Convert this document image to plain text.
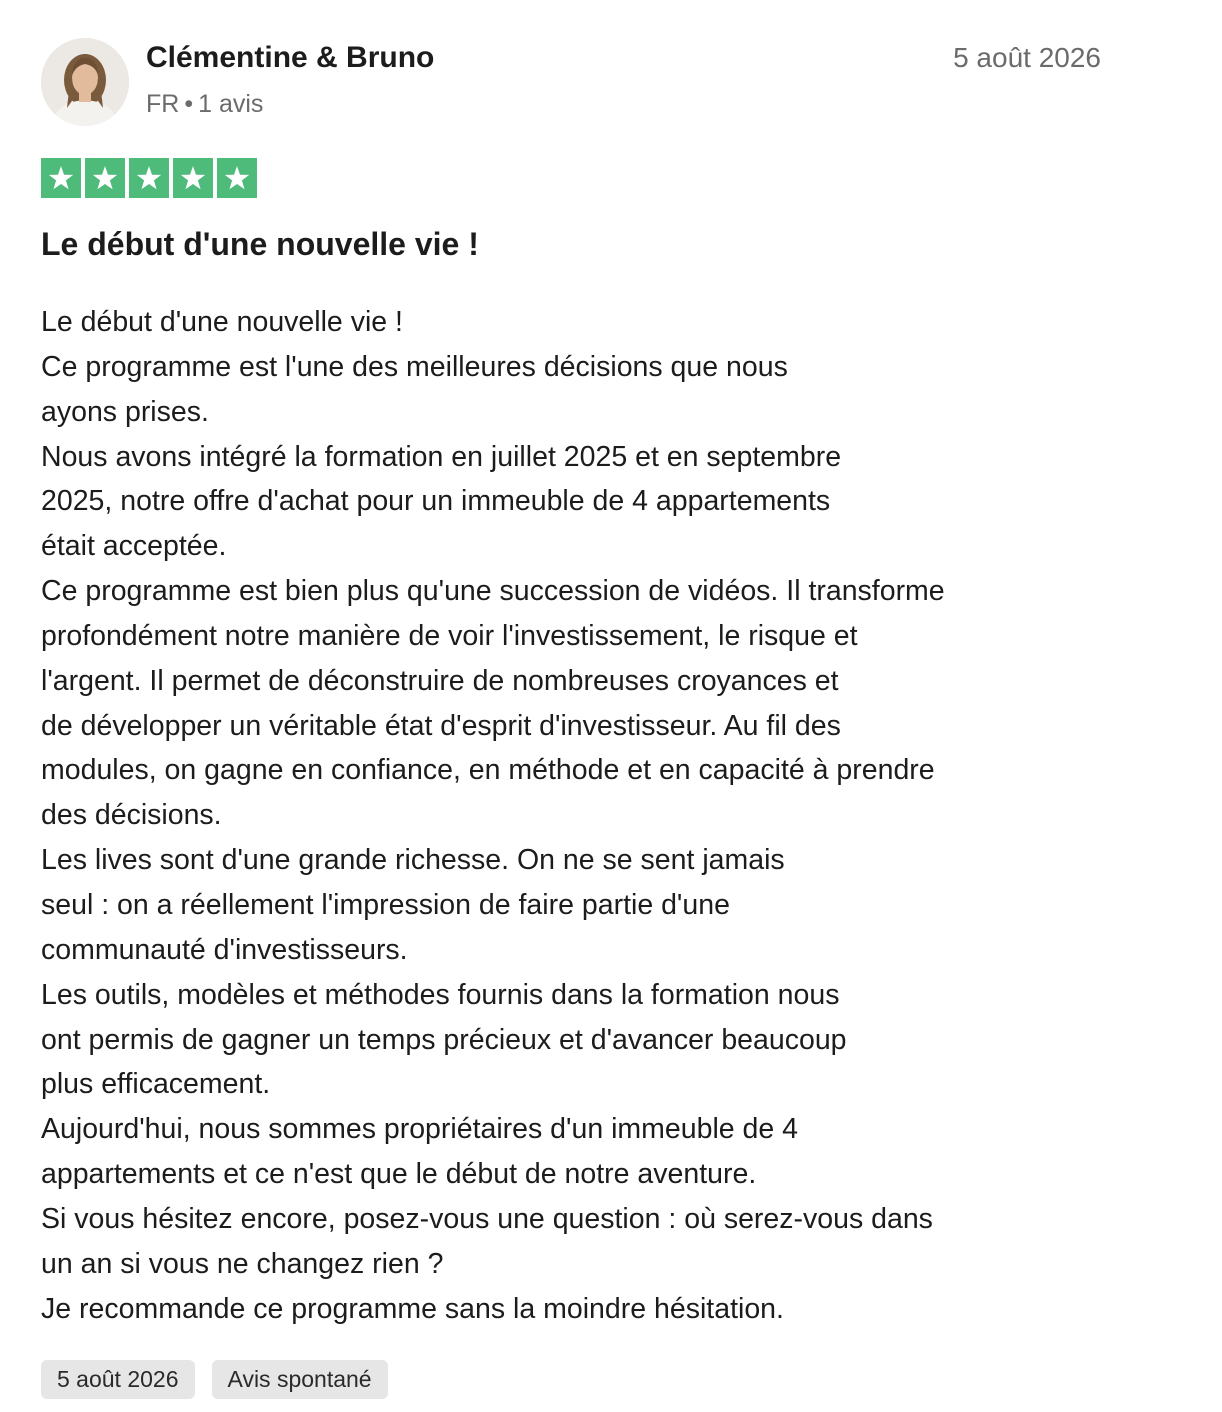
Clémentine & Bruno
FR • 1 avis
5 août 2026
Le début d'une nouvelle vie !
Le début d'une nouvelle vie !
Ce programme est l'une des meilleures décisions que nous
ayons prises.
Nous avons intégré la formation en juillet 2025 et en septembre
2025, notre offre d'achat pour un immeuble de 4 appartements
était acceptée.
Ce programme est bien plus qu'une succession de vidéos. Il transforme
profondément notre manière de voir l'investissement, le risque et
l'argent. Il permet de déconstruire de nombreuses croyances et
de développer un véritable état d'esprit d'investisseur. Au fil des
modules, on gagne en confiance, en méthode et en capacité à prendre
des décisions.
Les lives sont d'une grande richesse. On ne se sent jamais
seul : on a réellement l'impression de faire partie d'une
communauté d'investisseurs.
Les outils, modèles et méthodes fournis dans la formation nous
ont permis de gagner un temps précieux et d'avancer beaucoup
plus efficacement.
Aujourd'hui, nous sommes propriétaires d'un immeuble de 4
appartements et ce n'est que le début de notre aventure.
Si vous hésitez encore, posez-vous une question : où serez-vous dans
un an si vous ne changez rien ?
Je recommande ce programme sans la moindre hésitation.
5 août 2026	Avis spontané
